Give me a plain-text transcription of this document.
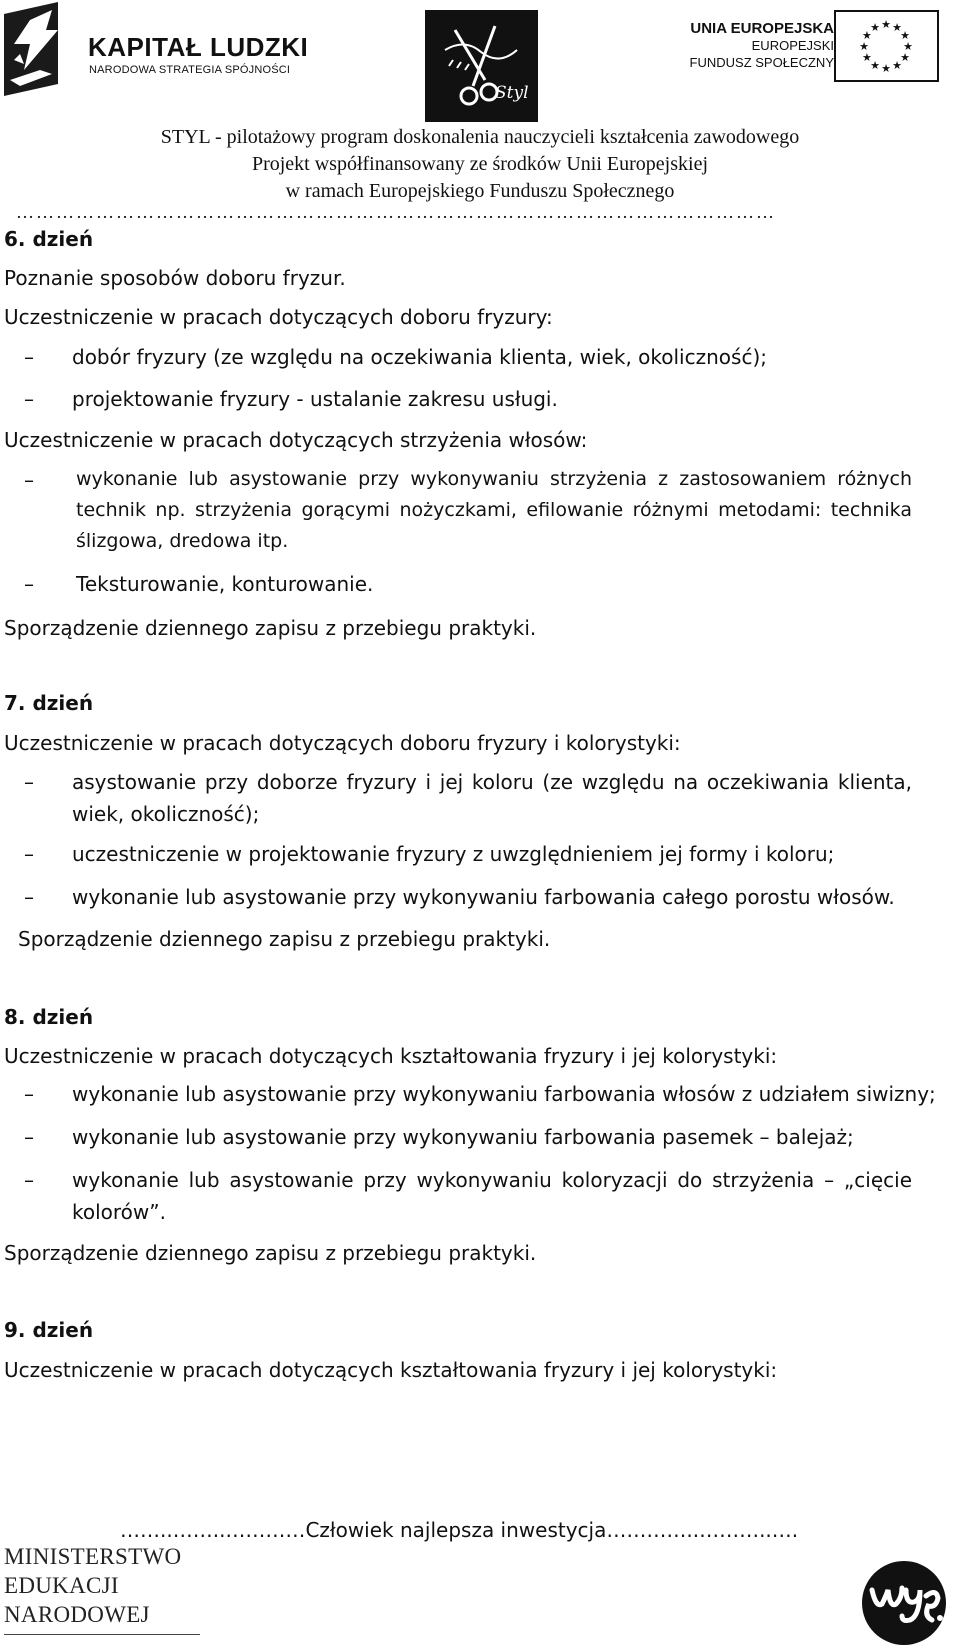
KAPITAŁ LUDZKI
NARODOWA STRATEGIA SPÓJNOŚCI
Styl
UNIA EUROPEJSKA
EUROPEJSKI
FUNDUSZ SPOŁECZNY
★ ★
★
★
★
★
★
★
★
★
★
★
STYL - pilotażowy program doskonalenia nauczycieli kształcenia zawodowego
Projekt współfinansowany ze środków Unii Europejskiej
w ramach Europejskiego Funduszu Społecznego
……………………………………………………………………………………………………
6. dzień
Poznanie sposobów doboru fryzur.
Uczestniczenie w pracach dotyczących doboru fryzury:
–	dobór fryzury (ze względu na oczekiwania klienta, wiek, okoliczność);
–	projektowanie fryzury - ustalanie zakresu usługi.
Uczestniczenie w pracach dotyczących strzyżenia włosów:
–	wykonanie lub asystowanie przy wykonywaniu strzyżenia z zastosowaniem różnych technik np. strzyżenia gorącymi nożyczkami, efilowanie różnymi metodami: technika ślizgowa, dredowa itp.
–	Teksturowanie, konturowanie.
Sporządzenie dziennego zapisu z przebiegu praktyki.
7. dzień
Uczestniczenie w pracach dotyczących doboru fryzury i kolorystyki:
–	asystowanie przy doborze fryzury i jej koloru (ze względu na oczekiwania klienta, wiek, okoliczność);
–	uczestniczenie w projektowanie fryzury z uwzględnieniem jej formy i koloru;
–	wykonanie lub asystowanie przy wykonywaniu farbowania całego porostu włosów.
Sporządzenie dziennego zapisu z przebiegu praktyki.
8. dzień
Uczestniczenie w pracach dotyczących kształtowania fryzury i jej kolorystyki:
–	wykonanie lub asystowanie przy wykonywaniu farbowania włosów z udziałem siwizny;
–	wykonanie lub asystowanie przy wykonywaniu farbowania pasemek – balejaż;
–	wykonanie lub asystowanie przy wykonywaniu koloryzacji do strzyżenia – „cięcie kolorów”.
Sporządzenie dziennego zapisu z przebiegu praktyki.
9. dzień
Uczestniczenie w pracach dotyczących kształtowania fryzury i jej kolorystyki:
……..……..…………Człowiek najlepsza inwestycja…………..………..….
MINISTERSTWO
EDUKACJI
NARODOWEJ
